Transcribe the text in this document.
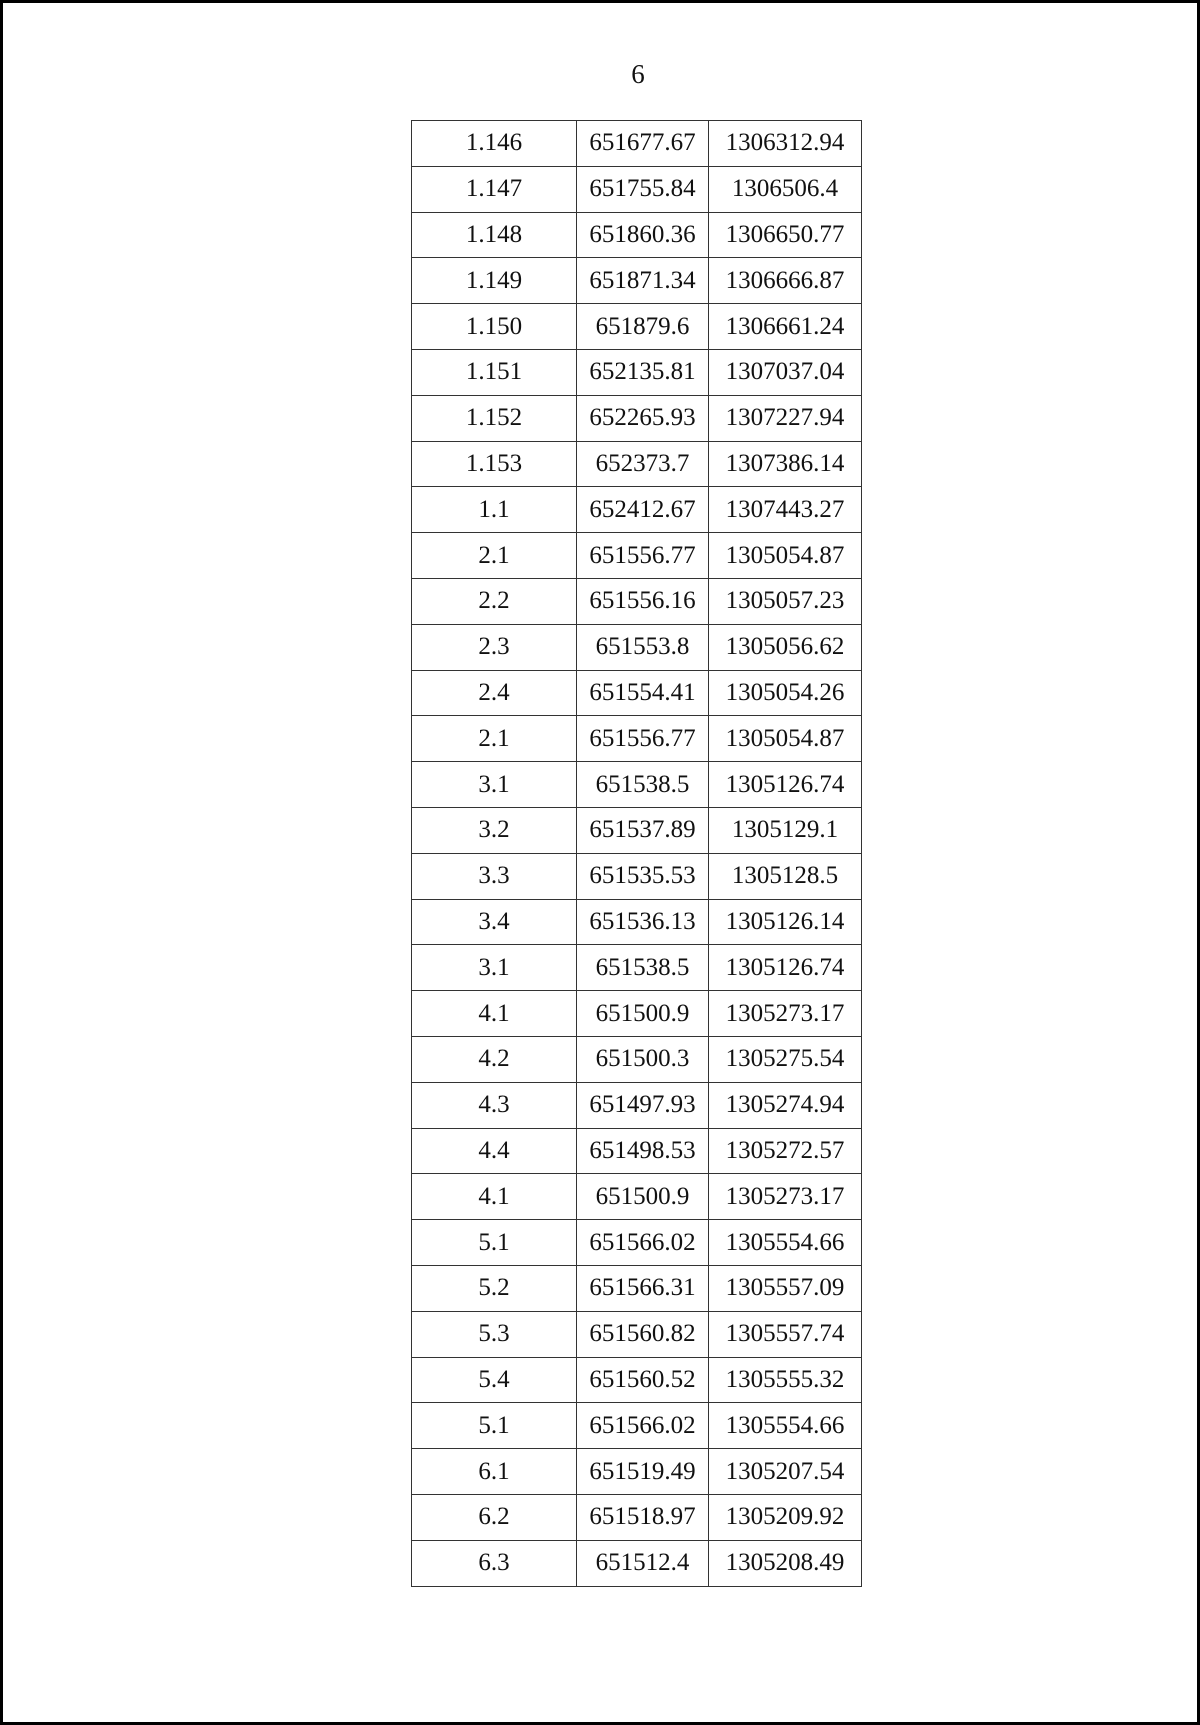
6
1.146	651677.67	1306312.94
1.147	651755.84	1306506.4
1.148	651860.36	1306650.77
1.149	651871.34	1306666.87
1.150	651879.6	1306661.24
1.151	652135.81	1307037.04
1.152	652265.93	1307227.94
1.153	652373.7	1307386.14
1.1	652412.67	1307443.27
2.1	651556.77	1305054.87
2.2	651556.16	1305057.23
2.3	651553.8	1305056.62
2.4	651554.41	1305054.26
2.1	651556.77	1305054.87
3.1	651538.5	1305126.74
3.2	651537.89	1305129.1
3.3	651535.53	1305128.5
3.4	651536.13	1305126.14
3.1	651538.5	1305126.74
4.1	651500.9	1305273.17
4.2	651500.3	1305275.54
4.3	651497.93	1305274.94
4.4	651498.53	1305272.57
4.1	651500.9	1305273.17
5.1	651566.02	1305554.66
5.2	651566.31	1305557.09
5.3	651560.82	1305557.74
5.4	651560.52	1305555.32
5.1	651566.02	1305554.66
6.1	651519.49	1305207.54
6.2	651518.97	1305209.92
6.3	651512.4	1305208.49
